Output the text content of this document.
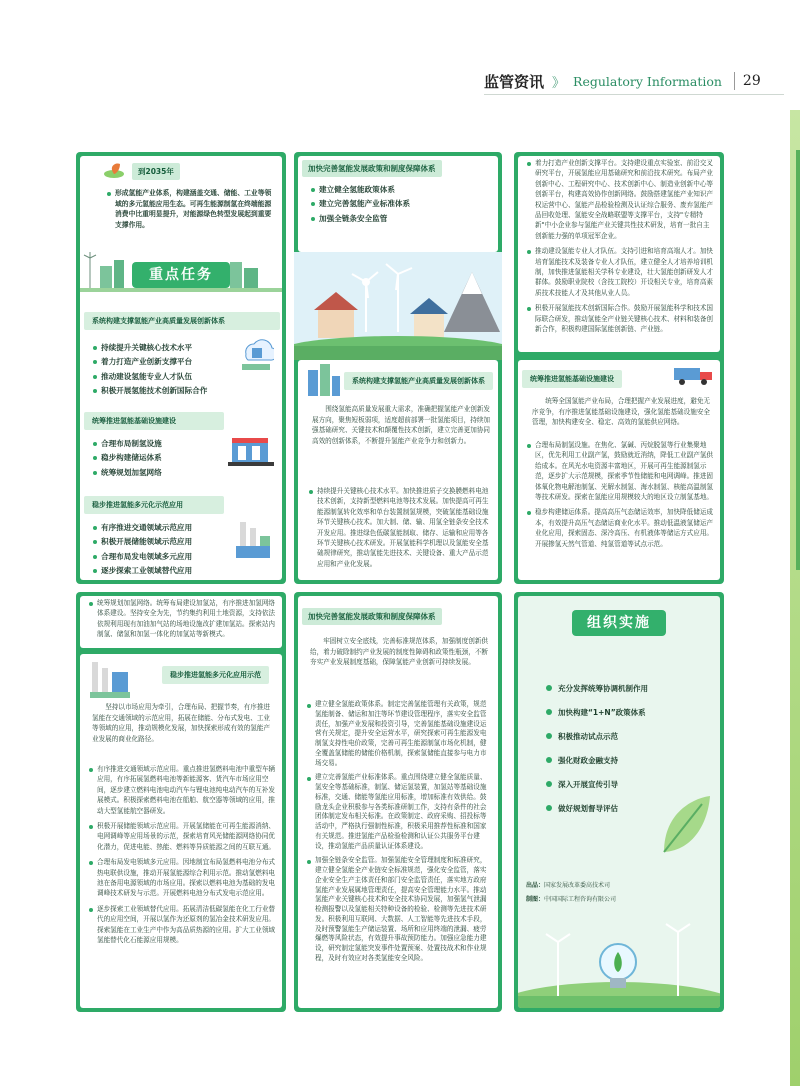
监管资讯 》 Regulatory Information 29
到2035年
形成氢能产业体系，构建涵盖交通、储能、工业等领域的多元氢能应用生态。可再生能源制氢在终端能源消费中比重明显提升，对能源绿色转型发展起到重要支撑作用。
重点任务
系统构建支撑氢能产业高质量发展创新体系
持续提升关键核心技术水平
着力打造产业创新支撑平台
推动建设氢能专业人才队伍
积极开展氢能技术创新国际合作
统筹推进氢能基础设施建设
合理布局制氢设施
稳步构建储运体系
统筹规划加氢网络
稳步推进氢能多元化示范应用
有序推进交通领域示范应用
积极开展储能领域示范应用
合理布局发电领域多元应用
逐步探索工业领域替代应用
加快完善氢能发展政策和制度保障体系
建立健全氢能政策体系
建立完善氢能产业标准体系
加强全链条安全监管
系统构建支撑氢能产业高质量发展创新体系

围绕氢能高质量发展重大需求，准确把握氢能产业创新发展方向，聚焦短板弱项，适度超前部署一批氢能项目，持续加强基础研究、关键技术和颠覆性技术创新，建立完善更加协同高效的创新体系，不断提升氢能产业竞争力和创新力。

持续提升关键核心技术水平。加快推进质子交换膜燃料电池技术创新，支持新型燃料电池等技术发展。加快提高可再生能源制氢转化效率和单台装置制氢规模，突破氢能基础设施环节关键核心技术。加大制、储、输、用氢全链条安全技术开发应用。推进绿色低碳氢能制取、储存、运输和应用等各环节关键核心技术研发。开展氢能科学机理以及氢能安全基础规律研究，推动氢能先进技术、关键设备、重大产品示范应用和产业化发展。
着力打造产业创新支撑平台。支持建设重点实验室、前沿交叉研究平台，开展氢能应用基础研究和前沿技术研究。布局产业创新中心、工程研究中心、技术创新中心、制造业创新中心等创新平台，构建高效协作创新网络。鼓励搭建氢能产业知识产权运营中心、氢能产品检验检测及认证综合服务、废弃氢能产品回收处理、氢能安全战略联盟等支撑平台，支持"专精特新"中小企业参与氢能产业关键共性技术研发，培育一批自主创新能力强的单项冠军企业。
推动建设氢能专业人才队伍。支持引进和培育高端人才。加快培育氢能技术及装备专业人才队伍，建立健全人才培养培训机制，加快推进氢能相关学科专业建设，壮大氢能创新研发人才群体。鼓励职业院校（含技工院校）开设相关专业，培育高素质技术技能人才及其他从业人员。
积极开展氢能技术创新国际合作。鼓励开展氢能科学和技术国际联合研发，推动氢能全产业链关键核心技术、材料和装备创新合作，积极构建国际氢能创新链、产业链。
统筹推进氢能基础设施建设

统筹全国氢能产业布局，合理把握产业发展进度，避免无序竞争，有序推进氢能基础设施建设，强化氢能基础设施安全管理，加快构建安全、稳定、高效的氢能供应网络。

合理布局制氢设施。在焦化、氯碱、丙烷脱氢等行业集聚地区，优先利用工业副产氢，鼓励就近消纳，降低工业副产氢供给成本。在风光水电资源丰富地区，开展可再生能源制氢示范，逐步扩大示范规模，探索季节性储能和电网调峰。推进固体氧化物电解池制氢、光解水制氢、海水制氢、核能高温制氢等技术研发。探索在氢能应用规模较大的地区设立制氢基地。
稳步构建储运体系。提高高压气态储运效率，加快降低储运成本，有效提升高压气态储运商业化水平。推动低温液氢储运产业化应用，探索固态、深冷高压、有机液体等储运方式应用。开展掺氢天然气管道、纯氢管道等试点示范。
统筹规划加氢网络。统筹布局建设加氢站，有序推进加氢网络体系建设。坚持安全为先，节约集约利用土地资源，支持依法依规利用现有加油加气站的场地设施改扩建加氢站。探索站内制氢、储氢和加氢一体化的加氢站等新模式。
稳步推进氢能多元化应用示范

坚持以市场应用为牵引，合理布局、把握节奏，有序推进氢能在交通领域的示范应用，拓展在储能、分布式发电、工业等领域的应用，推动规模化发展，加快探索形成有效的氢能产业发展的商业化路径。

有序推进交通领域示范应用。重点推进氢燃料电池中重型车辆应用，有序拓展氢燃料电池等新能源客、货汽车市场应用空间，逐步建立燃料电池电动汽车与锂电池纯电动汽车的互补发展模式。积极探索燃料电池在船舶、航空器等领域的应用，推动大型氢能航空器研发。
积极开展储能领域示范应用。开展氢储能在可再生能源消纳、电网调峰等应用场景的示范，探索培育风光储能源网络协同优化潜力，促进电能、热能、燃料等异质能源之间的互联互通。
合理布局发电领域多元应用。因地制宜布局氢燃料电池分布式热电联供设施，推动开展氢能源综合利用示范。推动氢燃料电池在备用电源领域的市场应用。探索以燃料电池为基础的发电调峰技术研发与示范。开展燃料电池分布式发电示范应用。
逐步探索工业领域替代应用。拓展清洁低碳氢能在化工行业替代的应用空间，开展以氢作为还原剂的氢冶金技术研发应用。探索氢能在工业生产中作为高品质热源的应用。扩大工业领域氢能替代化石能源应用规模。
加快完善氢能发展政策和制度保障体系

牢固树立安全底线，完善标准规范体系，加强制度创新供给，着力破除制约产业发展的制度性障碍和政策性瓶颈，不断夯实产业发展制度基础，保障氢能产业创新可持续发展。

建立健全氢能政策体系。制定完善氢能管理有关政策，规范氢能制备、储运和加注等环节建设管理程序，落实安全监管责任，加强产业发展和投资引导，完善氢能基础设施建设运营有关规定，提升安全运营水平，研究探索可再生能源发电制氢支持性电价政策，完善可再生能源制氢市场化机制，健全覆盖氢储能的储能价格机制，探索氢储能直接参与电力市场交易。
建立完善氢能产业标准体系。重点围绕建立健全氢能质量、氢安全等基础标准，制氢、储运氢装置，加氢站等基础设施标准，交通、储能等氢能应用标准，增加标准有效供给。鼓励龙头企业积极参与各类标准研制工作，支持有条件的社会团体制定发布相关标准。在政策制定、政府采购、招投标等活动中，严格执行强制性标准，积极采用推荐性标准和国家有关规范。推进氢能产品检验检测和认证公共服务平台建设，推动氢能产品质量认证体系建设。
加强全链条安全监管。加强氢能安全管理制度和标准研究，建立健全氢能全产业链安全标准规范，强化安全监管，落实企业安全生产主体责任和部门安全监管责任，落实地方政府氢能产业发展属地管理责任，提高安全管理能力水平。推动氢能产业关键核心技术和安全技术协同发展，加强氢气泄漏检测报警以及氢能相关特种设备的检验、检测等先进技术研发。积极利用互联网、大数据、人工智能等先进技术手段，及时预警氢能生产储运装置、场所和应用终端的泄漏、疲劳爆燃等风险状态，有效提升事故预防能力。加强应急能力建设，研究制定氢能突发事件处置预案、处置技战术和作业规程，及时有效应对各类氢能安全风险。
组织实施
充分发挥统筹协调机制作用
加快构建“1+N”政策体系
积极推动试点示范
强化财政金融支持
深入开展宣传引导
做好规划督导评估
出品：国家发展改革委高技术司
制图：中国国际工程咨询有限公司
